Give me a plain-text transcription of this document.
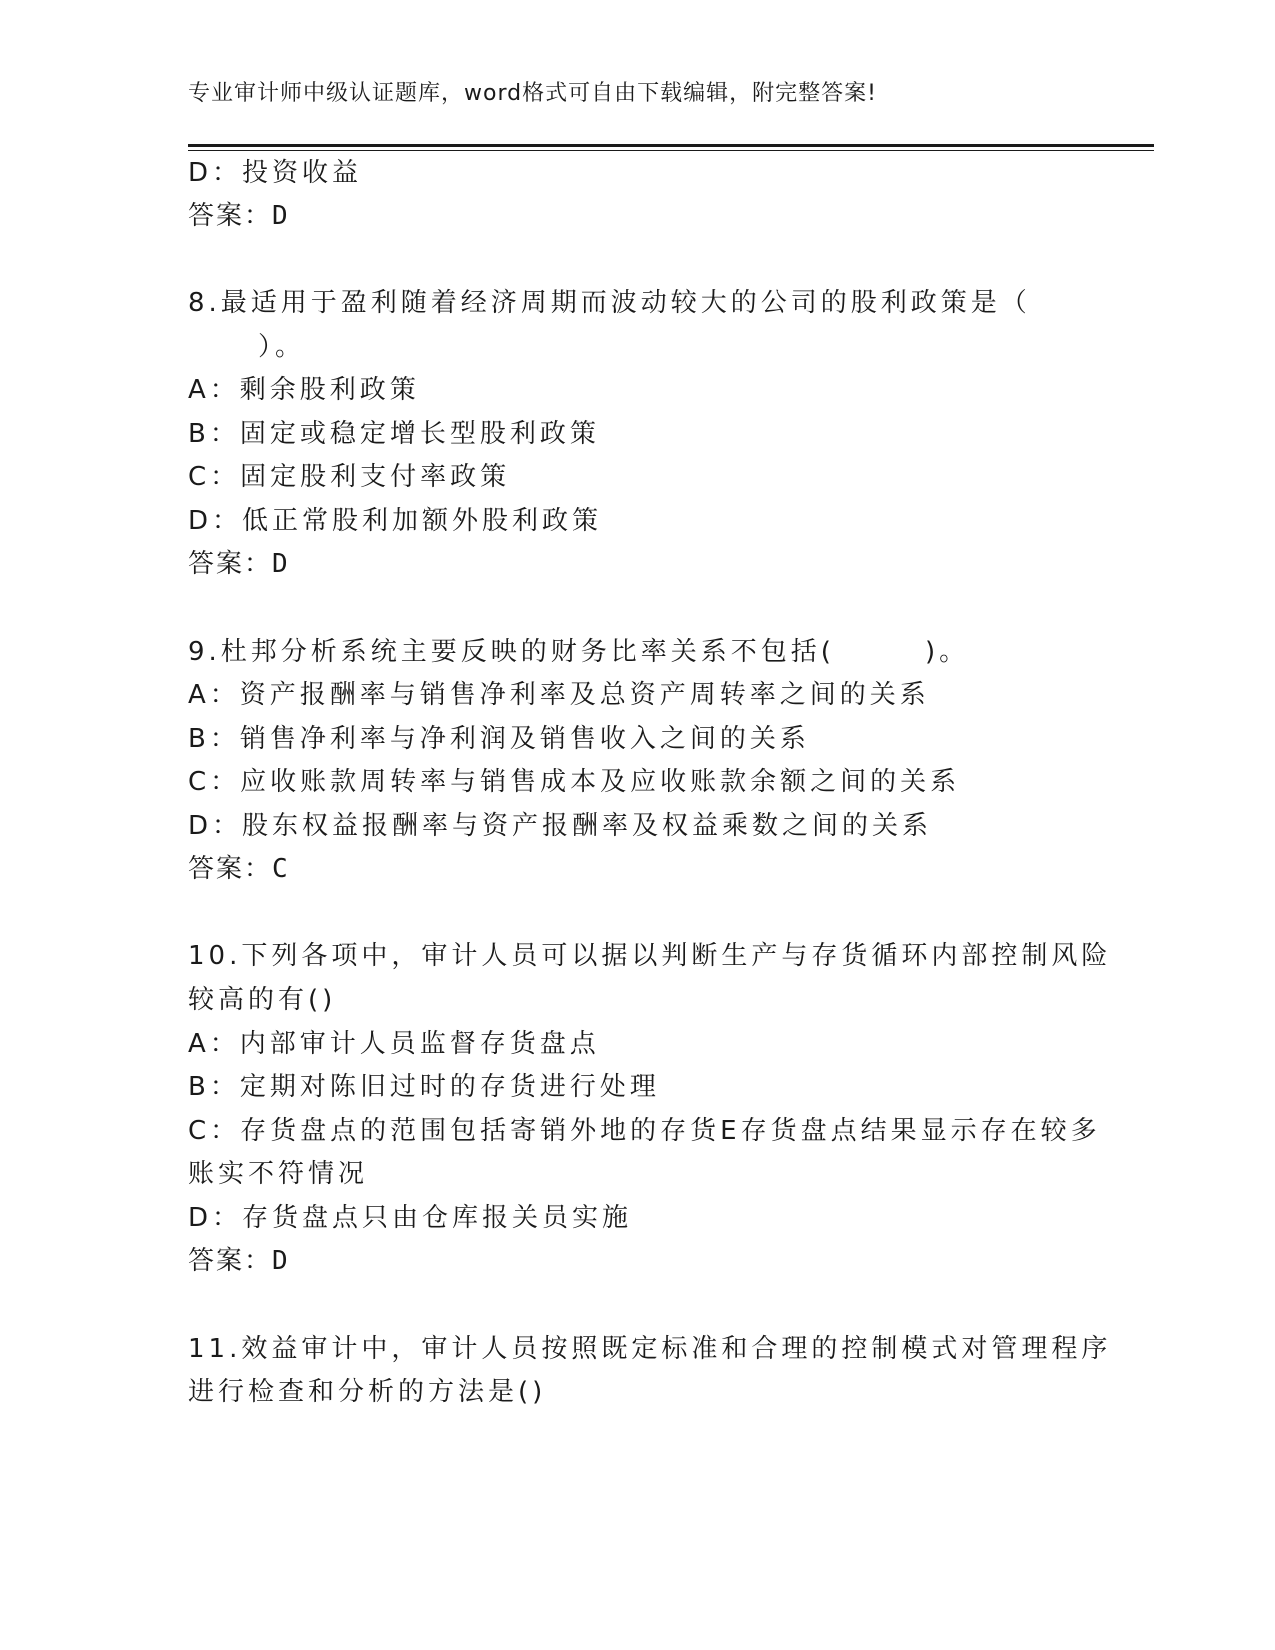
专业审计师中级认证题库，word格式可自由下载编辑，附完整答案!
D：投资收益
答案：D
8.最适用于盈利随着经济周期而波动较大的公司的股利政策是（
）。
A：剩余股利政策
B：固定或稳定增长型股利政策
C：固定股利支付率政策
D：低正常股利加额外股利政策
答案：D
9.杜邦分析系统主要反映的财务比率关系不包括(　　　)。
A：资产报酬率与销售净利率及总资产周转率之间的关系
B：销售净利率与净利润及销售收入之间的关系
C：应收账款周转率与销售成本及应收账款余额之间的关系
D：股东权益报酬率与资产报酬率及权益乘数之间的关系
答案：C
10.下列各项中，审计人员可以据以判断生产与存货循环内部控制风险
较高的有()
A：内部审计人员监督存货盘点
B：定期对陈旧过时的存货进行处理
C：存货盘点的范围包括寄销外地的存货E存货盘点结果显示存在较多
账实不符情况
D：存货盘点只由仓库报关员实施
答案：D
11.效益审计中，审计人员按照既定标准和合理的控制模式对管理程序
进行检查和分析的方法是()
